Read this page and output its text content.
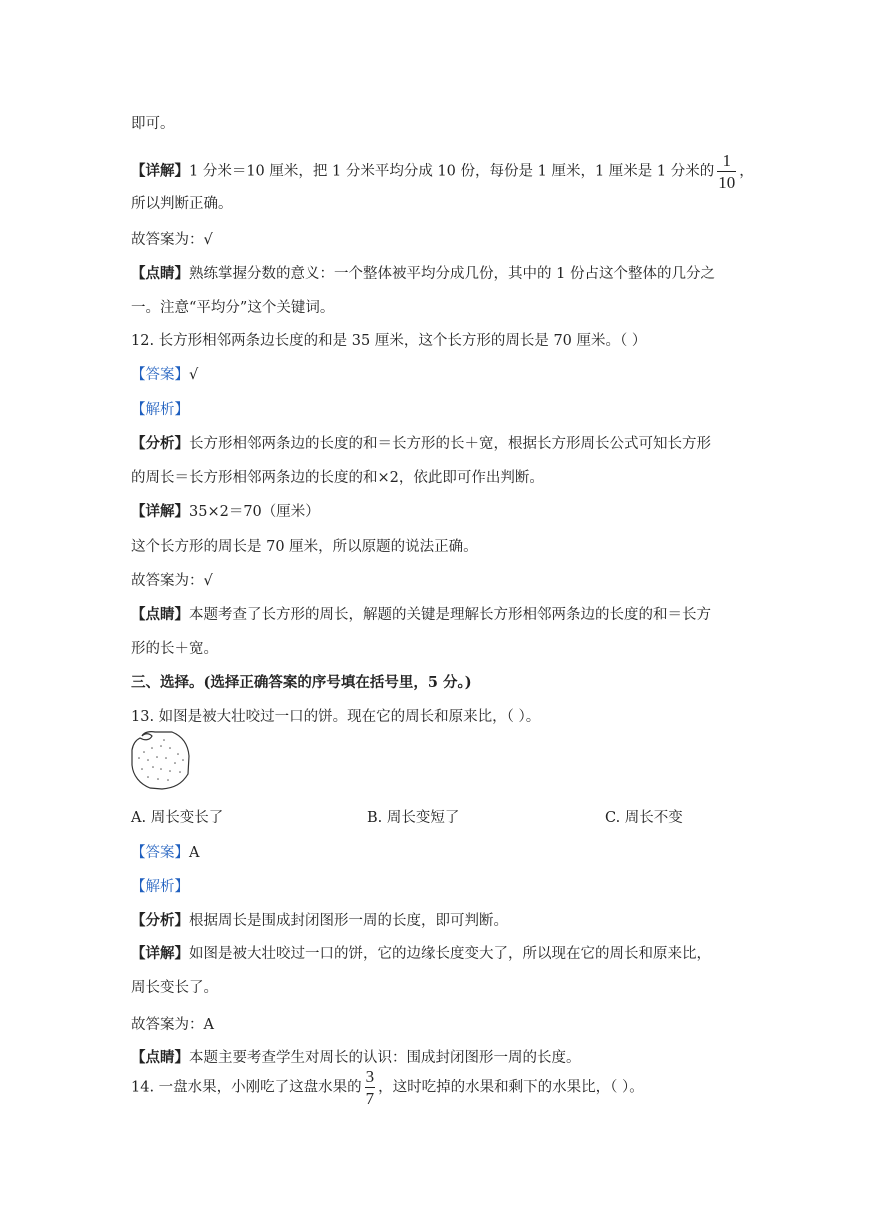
即可。
【详解】1 分米＝10 厘米，把 1 分米平均分成 10 份，每份是 1 厘米，1 厘米是 1 分米的 $\frac{1}{10}$ ，
所以判断正确。
故答案为：√
【点睛】熟练掌握分数的意义：一个整体被平均分成几份，其中的 1 份占这个整体的几分之
一。注意“平均分”这个关键词。
12. 长方形相邻两条边长度的和是 35 厘米，这个长方形的周长是 70 厘米。（ ）
【答案】√
【解析】
【分析】长方形相邻两条边的长度的和＝长方形的长＋宽，根据长方形周长公式可知长方形
的周长＝长方形相邻两条边的长度的和×2，依此即可作出判断。
【详解】35×2＝70（厘米）
这个长方形的周长是 70 厘米，所以原题的说法正确。
故答案为：√
【点睛】本题考查了长方形的周长，解题的关键是理解长方形相邻两条边的长度的和＝长方
形的长＋宽。
三、选择。(选择正确答案的序号填在括号里，5 分。)
13. 如图是被大壮咬过一口的饼。现在它的周长和原来比，（ ）。
A. 周长变长了	B. 周长变短了	C. 周长不变
【答案】A
【解析】
【分析】根据周长是围成封闭图形一周的长度，即可判断。
【详解】如图是被大壮咬过一口的饼，它的边缘长度变大了，所以现在它的周长和原来比，
周长变长了。
故答案为：A
【点睛】本题主要考查学生对周长的认识：围成封闭图形一周的长度。
14. 一盘水果，小刚吃了这盘水果的 $\frac{3}{7}$ ，这时吃掉的水果和剩下的水果比，（ ）。
